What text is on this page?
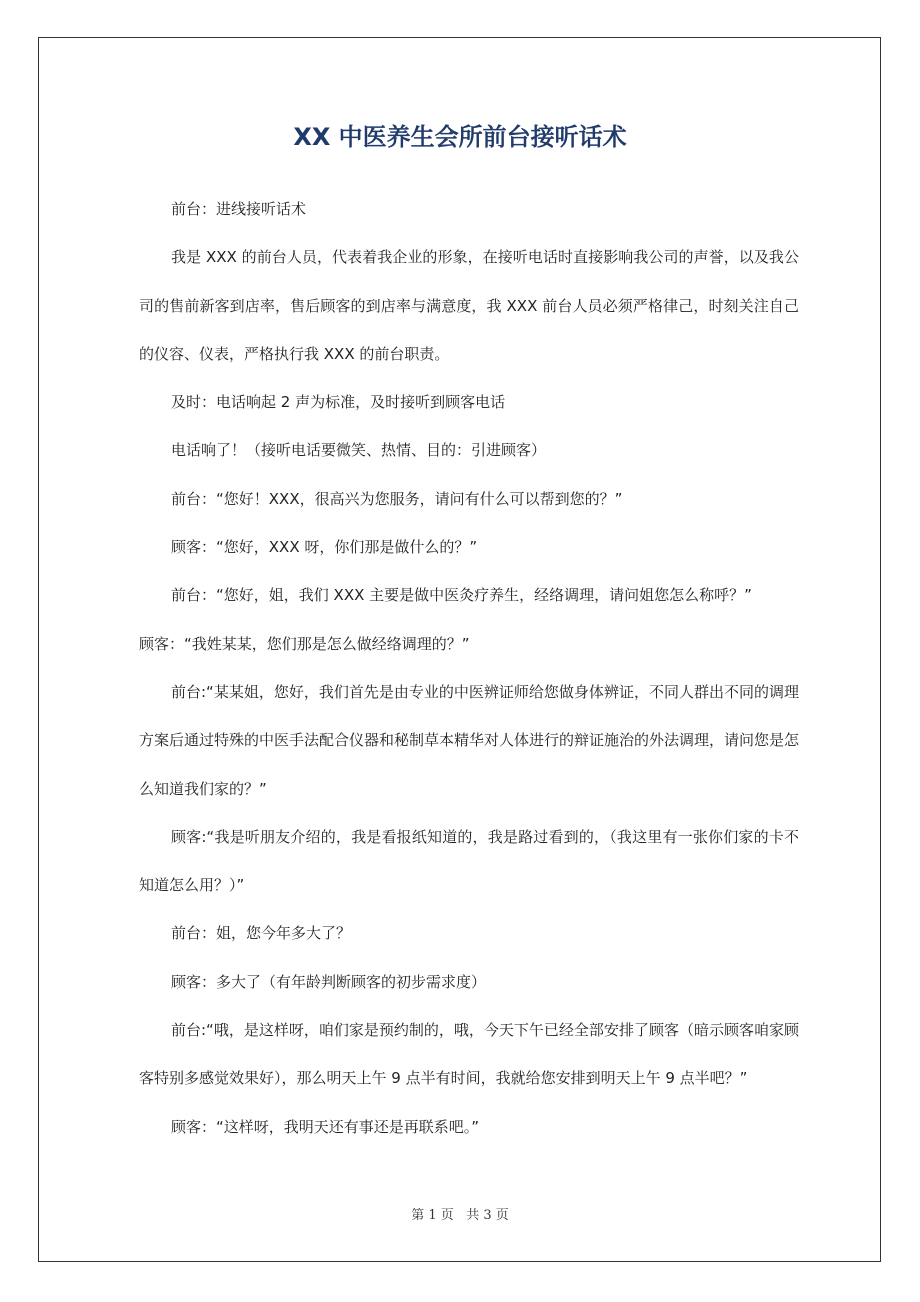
XX 中医养生会所前台接听话术

前台：进线接听话术

我是 XXX 的前台人员，代表着我企业的形象，在接听电话时直接影响我公司的声誉，以及我公司的售前新客到店率，售后顾客的到店率与满意度，我 XXX 前台人员必须严格律己，时刻关注自己的仪容、仪表，严格执行我 XXX 的前台职责。

及时：电话响起 2 声为标准，及时接听到顾客电话

电话响了！（接听电话要微笑、热情、目的：引进顾客）

前台：“您好！XXX，很高兴为您服务，请问有什么可以帮到您的？”

顾客：“您好，XXX 呀，你们那是做什么的？”

前台：“您好，姐，我们 XXX 主要是做中医灸疗养生，经络调理，请问姐您怎么称呼？”

顾客：“我姓某某，您们那是怎么做经络调理的？”

前台:“某某姐，您好，我们首先是由专业的中医辨证师给您做身体辨证，不同人群出不同的调理方案后通过特殊的中医手法配合仪器和秘制草本精华对人体进行的辩证施治的外法调理，请问您是怎么知道我们家的？”

顾客:“我是听朋友介绍的，我是看报纸知道的，我是路过看到的，（我这里有一张你们家的卡不知道怎么用？）”

前台：姐，您今年多大了？

顾客：多大了（有年龄判断顾客的初步需求度）

前台:“哦，是这样呀，咱们家是预约制的，哦，今天下午已经全部安排了顾客（暗示顾客咱家顾客特别多感觉效果好），那么明天上午 9 点半有时间，我就给您安排到明天上午 9 点半吧？”

顾客：“这样呀，我明天还有事还是再联系吧。”

第 1 页 共 3 页
